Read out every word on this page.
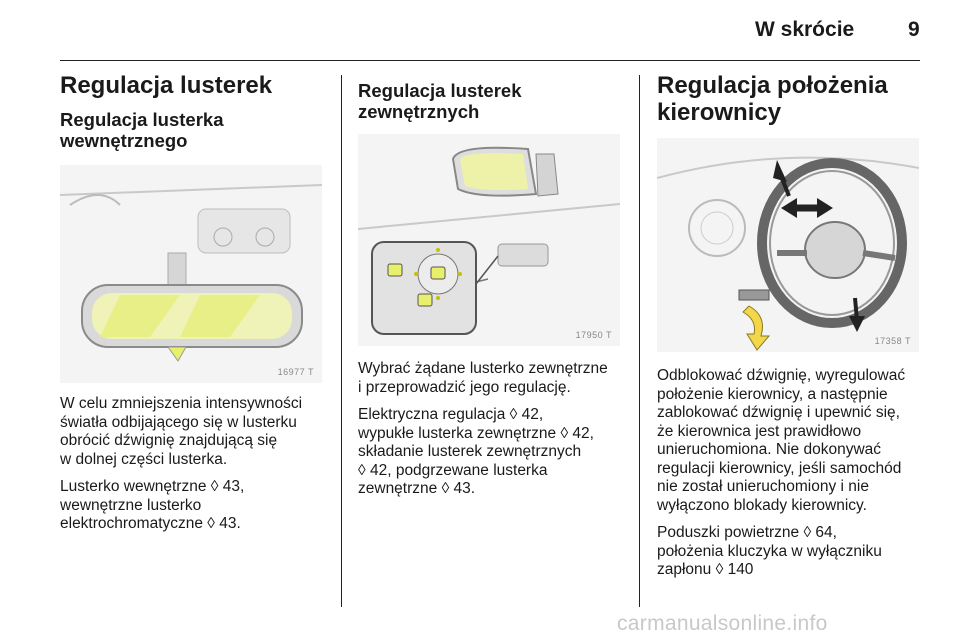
W skrócie	9
Regulacja lusterek
Regulacja lusterka
wewnętrznego
16977 T

W celu zmniejszenia intensywności
światła odbijającego się w lusterku
obrócić dźwignię znajdującą się
w dolnej części lusterka.

Lusterko wewnętrzne ◊ 43,
wewnętrzne lusterko
elektrochromatyczne ◊ 43.

Regulacja lusterek
zewnętrznych
17950 T

Wybrać żądane lusterko zewnętrzne
i przeprowadzić jego regulację.

Elektryczna regulacja ◊ 42,
wypukłe lusterka zewnętrzne ◊ 42,
składanie lusterek zewnętrznych
◊ 42, podgrzewane lusterka
zewnętrzne ◊ 43.

Regulacja położenia
kierownicy
17358 T

Odblokować dźwignię, wyregulować
położenie kierownicy, a następnie
zablokować dźwignię i upewnić się,
że kierownica jest prawidłowo
unieruchomiona. Nie dokonywać
regulacji kierownicy, jeśli samochód
nie został unieruchomiony i nie
wyłączono blokady kierownicy.

Poduszki powietrzne ◊ 64,
położenia kluczyka w wyłączniku
zapłonu ◊ 140

carmanualsonline.info
